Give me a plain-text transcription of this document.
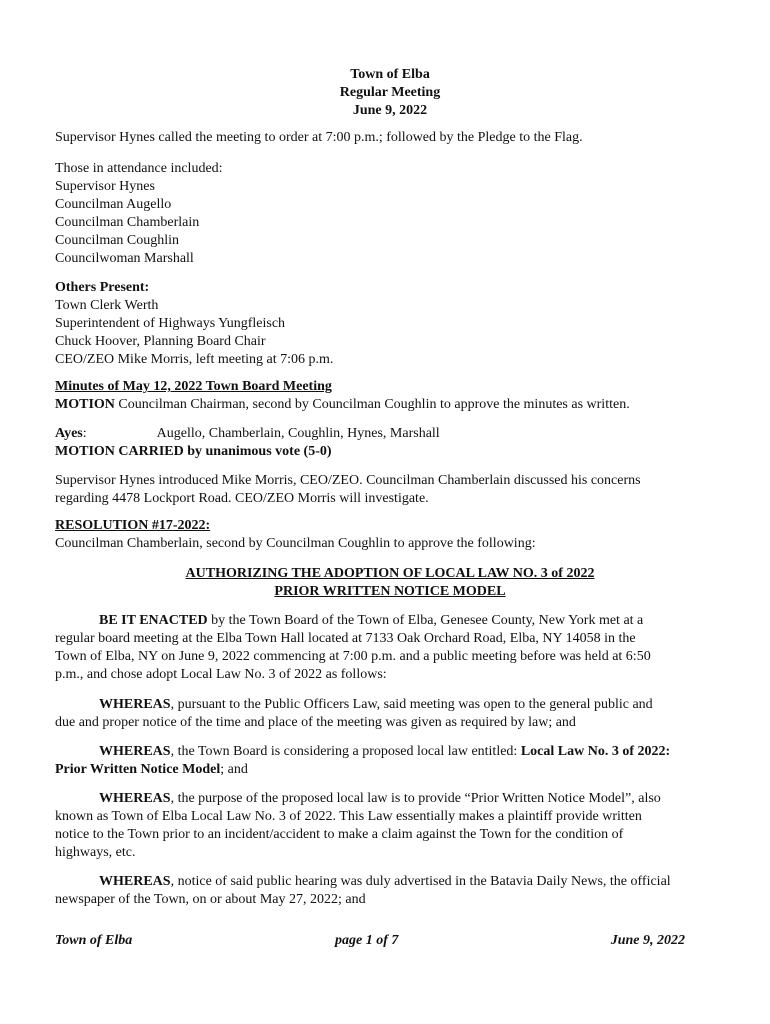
Town of Elba
Regular Meeting
June 9, 2022
Supervisor Hynes called the meeting to order at 7:00 p.m.; followed by the Pledge to the Flag.
Those in attendance included:
Supervisor Hynes
Councilman Augello
Councilman Chamberlain
Councilman Coughlin
Councilwoman Marshall
Others Present:
Town Clerk Werth
Superintendent of Highways Yungfleisch
Chuck Hoover, Planning Board Chair
CEO/ZEO Mike Morris, left meeting at 7:06 p.m.
Minutes of May 12, 2022 Town Board Meeting
MOTION Councilman Chairman, second by Councilman Coughlin to approve the minutes as written.
Ayes:	Augello, Chamberlain, Coughlin, Hynes, Marshall
MOTION CARRIED by unanimous vote (5-0)
Supervisor Hynes introduced Mike Morris, CEO/ZEO. Councilman Chamberlain discussed his concerns
regarding 4478 Lockport Road. CEO/ZEO Morris will investigate.
RESOLUTION #17-2022:
Councilman Chamberlain, second by Councilman Coughlin to approve the following:
AUTHORIZING THE ADOPTION OF LOCAL LAW NO. 3 of 2022
PRIOR WRITTEN NOTICE MODEL
BE IT ENACTED by the Town Board of the Town of Elba, Genesee County, New York met at a
regular board meeting at the Elba Town Hall located at 7133 Oak Orchard Road, Elba, NY 14058 in the
Town of Elba, NY on June 9, 2022 commencing at 7:00 p.m. and a public meeting before was held at 6:50
p.m., and chose adopt Local Law No. 3 of 2022 as follows:
WHEREAS, pursuant to the Public Officers Law, said meeting was open to the general public and
due and proper notice of the time and place of the meeting was given as required by law; and
WHEREAS, the Town Board is considering a proposed local law entitled: Local Law No. 3 of 2022:
Prior Written Notice Model; and
WHEREAS, the purpose of the proposed local law is to provide “Prior Written Notice Model”, also
known as Town of Elba Local Law No. 3 of 2022. This Law essentially makes a plaintiff provide written
notice to the Town prior to an incident/accident to make a claim against the Town for the condition of
highways, etc.
WHEREAS, notice of said public hearing was duly advertised in the Batavia Daily News, the official
newspaper of the Town, on or about May 27, 2022; and
Town of Elba	page 1 of 7	June 9, 2022
